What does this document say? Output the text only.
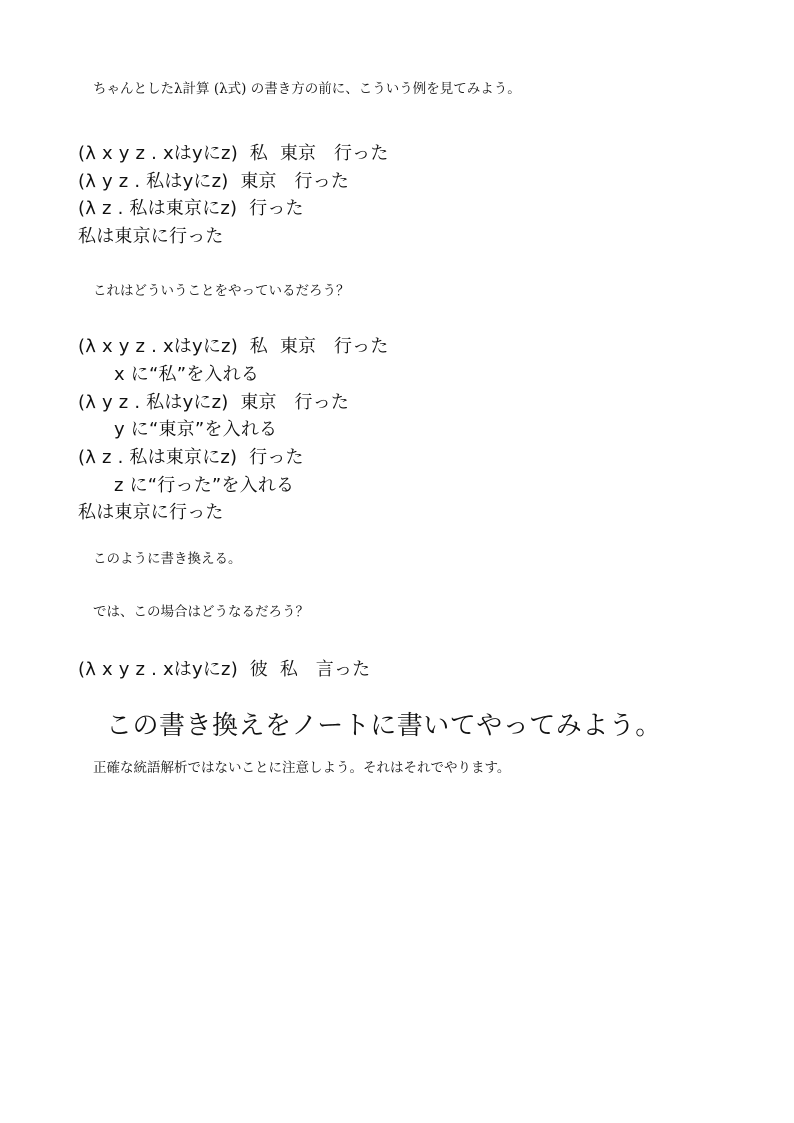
ちゃんとしたλ計算 (λ式) の書き方の前に、こういう例を見てみよう。
(λ x y z . xはyにz)  私  東京   行った
(λ y z . 私はyにz)  東京   行った
(λ z . 私は東京にz)  行った
私は東京に行った
これはどういうことをやっているだろう？
(λ x y z . xはyにz)  私  東京   行った
x に“私”を入れる
(λ y z . 私はyにz)  東京   行った
y に“東京”を入れる
(λ z . 私は東京にz)  行った
z に“行った”を入れる
私は東京に行った
このように書き換える。
では、この場合はどうなるだろう？
(λ x y z . xはyにz)  彼  私   言った
この書き換えをノートに書いてやってみよう。
正確な統語解析ではないことに注意しよう。それはそれでやります。
